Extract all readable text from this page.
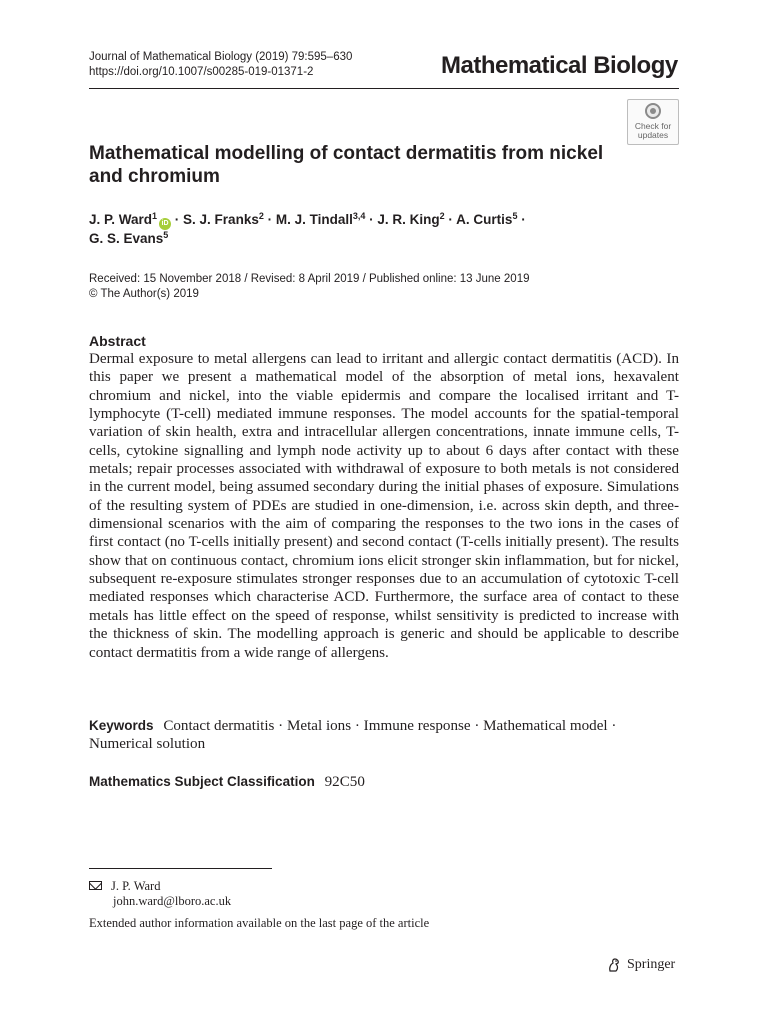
Journal of Mathematical Biology (2019) 79:595–630
https://doi.org/10.1007/s00285-019-01371-2	Mathematical Biology
Check for
updates
Mathematical modelling of contact dermatitis from nickel
and chromium
J. P. Ward$^1$iD · S. J. Franks$^2$ · M. J. Tindall$^{3,4}$ · J. R. King$^2$ · A. Curtis$^5$ ·
G. S. Evans$^5$
Received: 15 November 2018 / Revised: 8 April 2019 / Published online: 13 June 2019
© The Author(s) 2019
Abstract
Dermal exposure to metal allergens can lead to irritant and allergic contact dermatitis (ACD). In this paper we present a mathematical model of the absorption of metal ions, hexavalent chromium and nickel, into the viable epidermis and compare the localised irritant and T-lymphocyte (T-cell) mediated immune responses. The model accounts for the spatial-temporal variation of skin health, extra and intracellular allergen concentrations, innate immune cells, T-cells, cytokine signalling and lymph node activity up to about 6 days after contact with these metals; repair processes associated with withdrawal of exposure to both metals is not considered in the current model, being assumed secondary during the initial phases of exposure. Simulations of the resulting system of PDEs are studied in one-dimension, i.e. across skin depth, and three-dimensional scenarios with the aim of comparing the responses to the two ions in the cases of first contact (no T-cells initially present) and second contact (T-cells initially present). The results show that on continuous contact, chromium ions elicit stronger skin inflammation, but for nickel, subsequent re-exposure stimulates stronger responses due to an accumulation of cytotoxic T-cell mediated responses which characterise ACD. Furthermore, the surface area of contact to these metals has little effect on the speed of response, whilst sensitivity is predicted to increase with the thickness of skin. The modelling approach is generic and should be applicable to describe contact dermatitis from a wide range of allergens.
Keywords Contact dermatitis · Metal ions · Immune response · Mathematical model · Numerical solution
Mathematics Subject Classification 92C50
J. P. Ward
john.ward@lboro.ac.uk
Extended author information available on the last page of the article
Springer
